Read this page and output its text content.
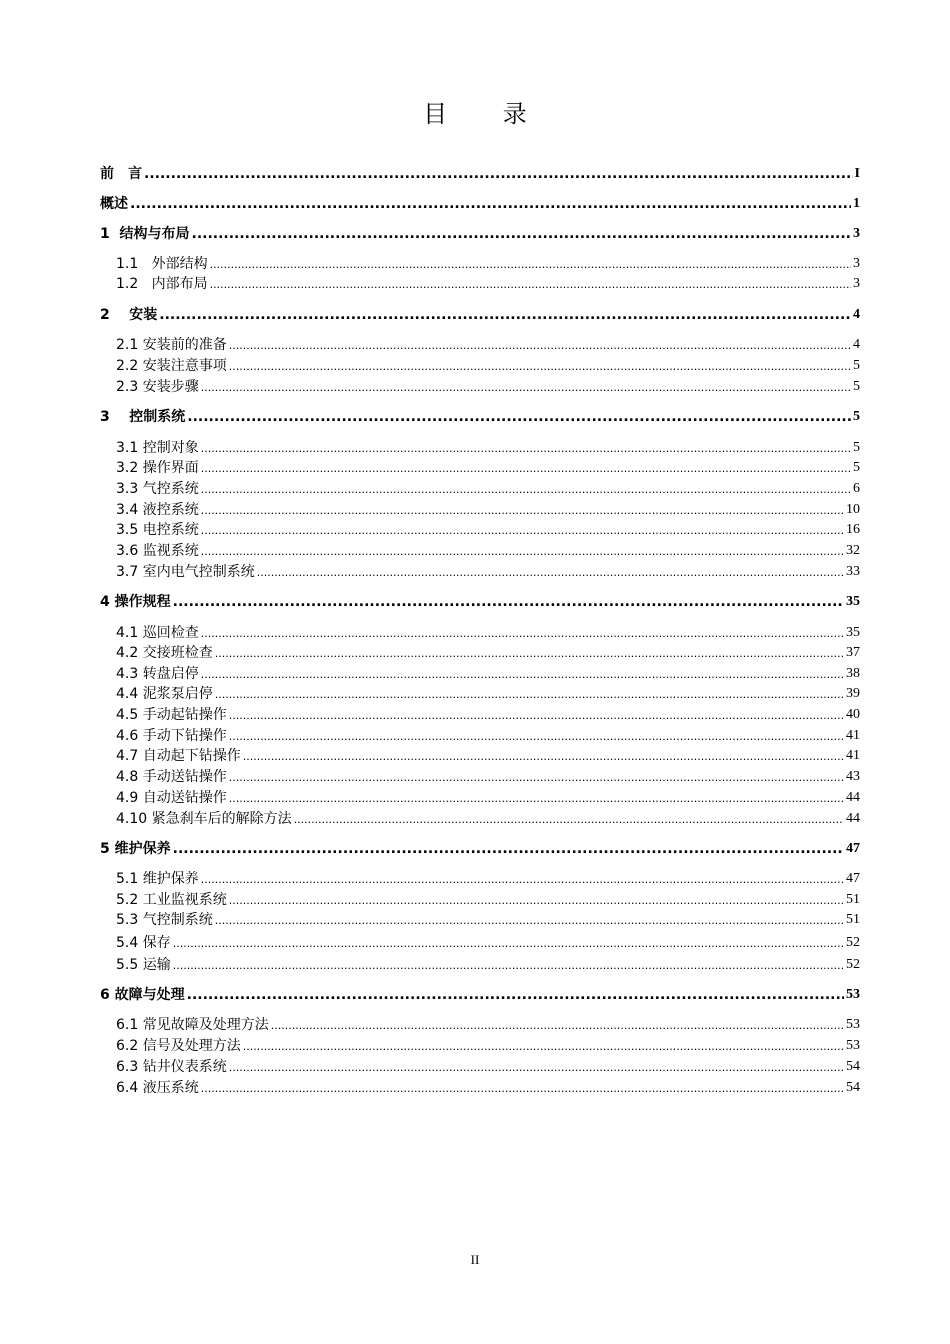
目 录
前　言 .....	I
概述 .....	1
1  结构与布局 .....	3
1.1   外部结构 .....	3
1.2   内部布局 .....	3
2    安装 .....	4
2.1 安装前的准备 .....	4
2.2 安装注意事项 .....	5
2.3 安装步骤 .....	5
3    控制系统 .....	5
3.1 控制对象 .....	5
3.2 操作界面 .....	5
3.3 气控系统 .....	6
3.4 液控系统 .....	10
3.5 电控系统 .....	16
3.6 监视系统 .....	32
3.7 室内电气控制系统 .....	33
4 操作规程 .....	35
4.1 巡回检查 .....	35
4.2 交接班检查 .....	37
4.3 转盘启停 .....	38
4.4 泥浆泵启停 .....	39
4.5 手动起钻操作 .....	40
4.6 手动下钻操作 .....	41
4.7 自动起下钻操作 .....	41
4.8 手动送钻操作 .....	43
4.9 自动送钻操作 .....	44
4.10 紧急刹车后的解除方法 .....	44
5 维护保养 .....	47
5.1 维护保养 .....	47
5.2 工业监视系统 .....	51
5.3 气控制系统 .....	51
5.4 保存 .....	52
5.5 运输 .....	52
6 故障与处理 .....	53
6.1 常见故障及处理方法 .....	53
6.2 信号及处理方法 .....	53
6.3 钻井仪表系统 .....	54
6.4 液压系统 .....	54
II
